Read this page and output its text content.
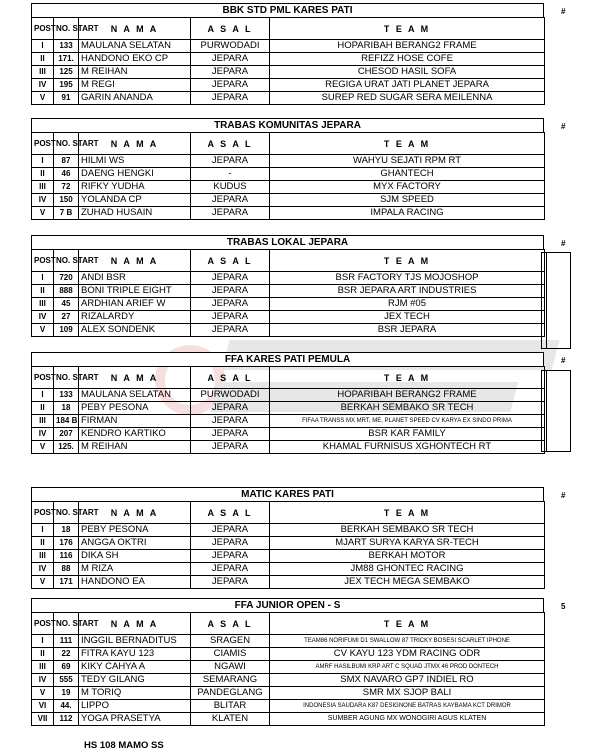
BBK STD PML KARES PATI
POST	NO. START	N A M A	A S A L	T E A M
I	133	MAULANA SELATAN	PURWODADI	HOPARIBAH BERANG2 FRAME
II	171.	HANDONO EKO CP	JEPARA	REFIZZ HOSE COFE
III	125	M REIHAN	JEPARA	CHESOD HASIL SOFA
IV	195	M REGI	JEPARA	REGIGA URAT JATI PLANET JEPARA
V	91	GARIN ANANDA	JEPARA	SUREP RED SUGAR SERA MEILENNA
#
TRABAS KOMUNITAS JEPARA
POST	NO. START	N A M A	A S A L	T E A M
I	87	HILMI WS	JEPARA	WAHYU SEJATI RPM RT
II	46	DAENG HENGKI	-	GHANTECH
III	72	RIFKY YUDHA	KUDUS	MYX FACTORY
IV	150	YOLANDA CP	JEPARA	SJM SPEED
V	7 B	ZUHAD HUSAIN	JEPARA	IMPALA RACING
#
TRABAS LOKAL JEPARA
POST	NO. START	N A M A	A S A L	T E A M
I	720	ANDI BSR	JEPARA	BSR FACTORY TJS MOJOSHOP
II	888	BONI TRIPLE EIGHT	JEPARA	BSR JEPARA ART INDUSTRIES
III	45	ARDHIAN ARIEF W	JEPARA	RJM #05
IV	27	RIZALARDY	JEPARA	JEX TECH
V	109	ALEX SONDENK	JEPARA	BSR JEPARA
#
FFA KARES PATI PEMULA
POST	NO. START	N A M A	A S A L	T E A M
I	133	MAULANA SELATAN	PURWODADI	HOPARIBAH BERANG2 FRAME
II	18	PEBY PESONA	JEPARA	BERKAH SEMBAKO SR TECH
III	184 B	FIRMAN	JEPARA	FIFAA TRANSS MX MRT, ME, PLANET SPEED CV KARYA EX SINDO PRIMA
IV	207	KENDRO KARTIKO	JEPARA	BSR KAR FAMILY
V	125.	M REIHAN	JEPARA	KHAMAL FURNISUS XGHONTECH RT
#
MATIC KARES PATI
POST	NO. START	N A M A	A S A L	T E A M
I	18	PEBY PESONA	JEPARA	BERKAH SEMBAKO SR TECH
II	176	ANGGA OKTRI	JEPARA	MJART SURYA KARYA SR-TECH
III	116	DIKA SH	JEPARA	BERKAH MOTOR
IV	88	M RIZA	JEPARA	JM88 GHONTEC RACING
V	171	HANDONO EA	JEPARA	JEX TECH MEGA SEMBAKO
#
FFA JUNIOR OPEN - S
POST	NO. START	N A M A	A S A L	T E A M
I	111	INGGIL BERNADITUS	SRAGEN	TEAM86 NORIFUMI D1 SWALLOW 87 TRICKY BOSESI SCARLET IPHONE
II	22	FITRA KAYU 123	CIAMIS	CV KAYU 123 YDM RACING ODR
III	69	KIKY CAHYA A	NGAWI	AMRF HASILBUMI KRP ART C SQUAD JTMX 46 PROD DONTECH
IV	555	TEDY GILANG	SEMARANG	SMX NAVARO GP7 INDIEL RO
V	19	M TORIQ	PANDEGLANG	SMR MX SJOP BALI
VI	44.	LIPPO	BLITAR	INDONESIA SAUDARA K87 DESIGNONE BATRAS KAYBAMA KCT DRIMOR
VII	112	YOGA PRASETYA	KLATEN	SUMBER AGUNG MX WONOGIRI AGUS KLATEN
5
HS 108 MAMO SS
